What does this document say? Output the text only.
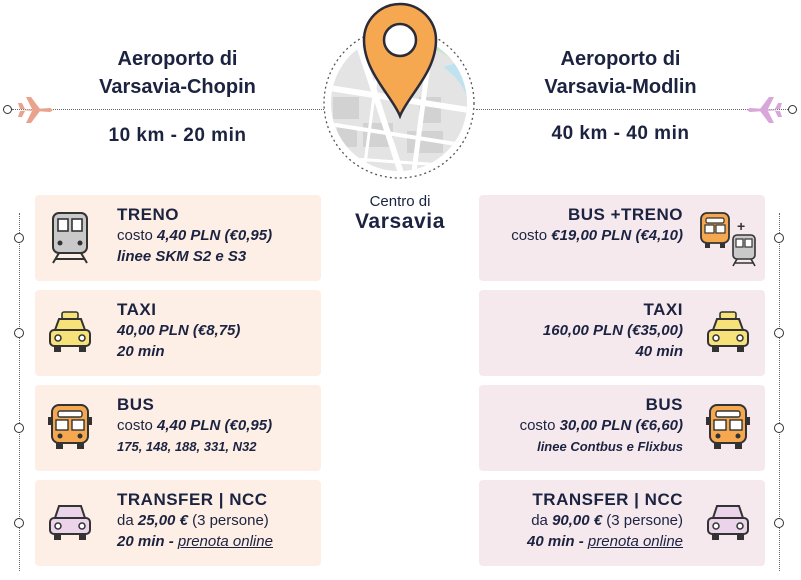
Aeroporto di
Varsavia-Chopin
10 km - 20 min
Aeroporto di
Varsavia-Modlin
40 km - 40 min
Centro di
Varsavia
TRENO
costo 4,40 PLN (€0,95)
linee SKM S2 e S3
TAXI
40,00 PLN (€8,75)
20 min
BUS
costo 4,40 PLN (€0,95)
175, 148, 188, 331, N32
TRANSFER | NCC
da 25,00 € (3 persone)
20 min - prenota online
+
BUS +TRENO
costo €19,00 PLN (€4,10)
TAXI
160,00 PLN (€35,00)
40 min
BUS
costo 30,00 PLN (€6,60)
linee Contbus e Flixbus
TRANSFER | NCC
da 90,00 € (3 persone)
40 min - prenota online
